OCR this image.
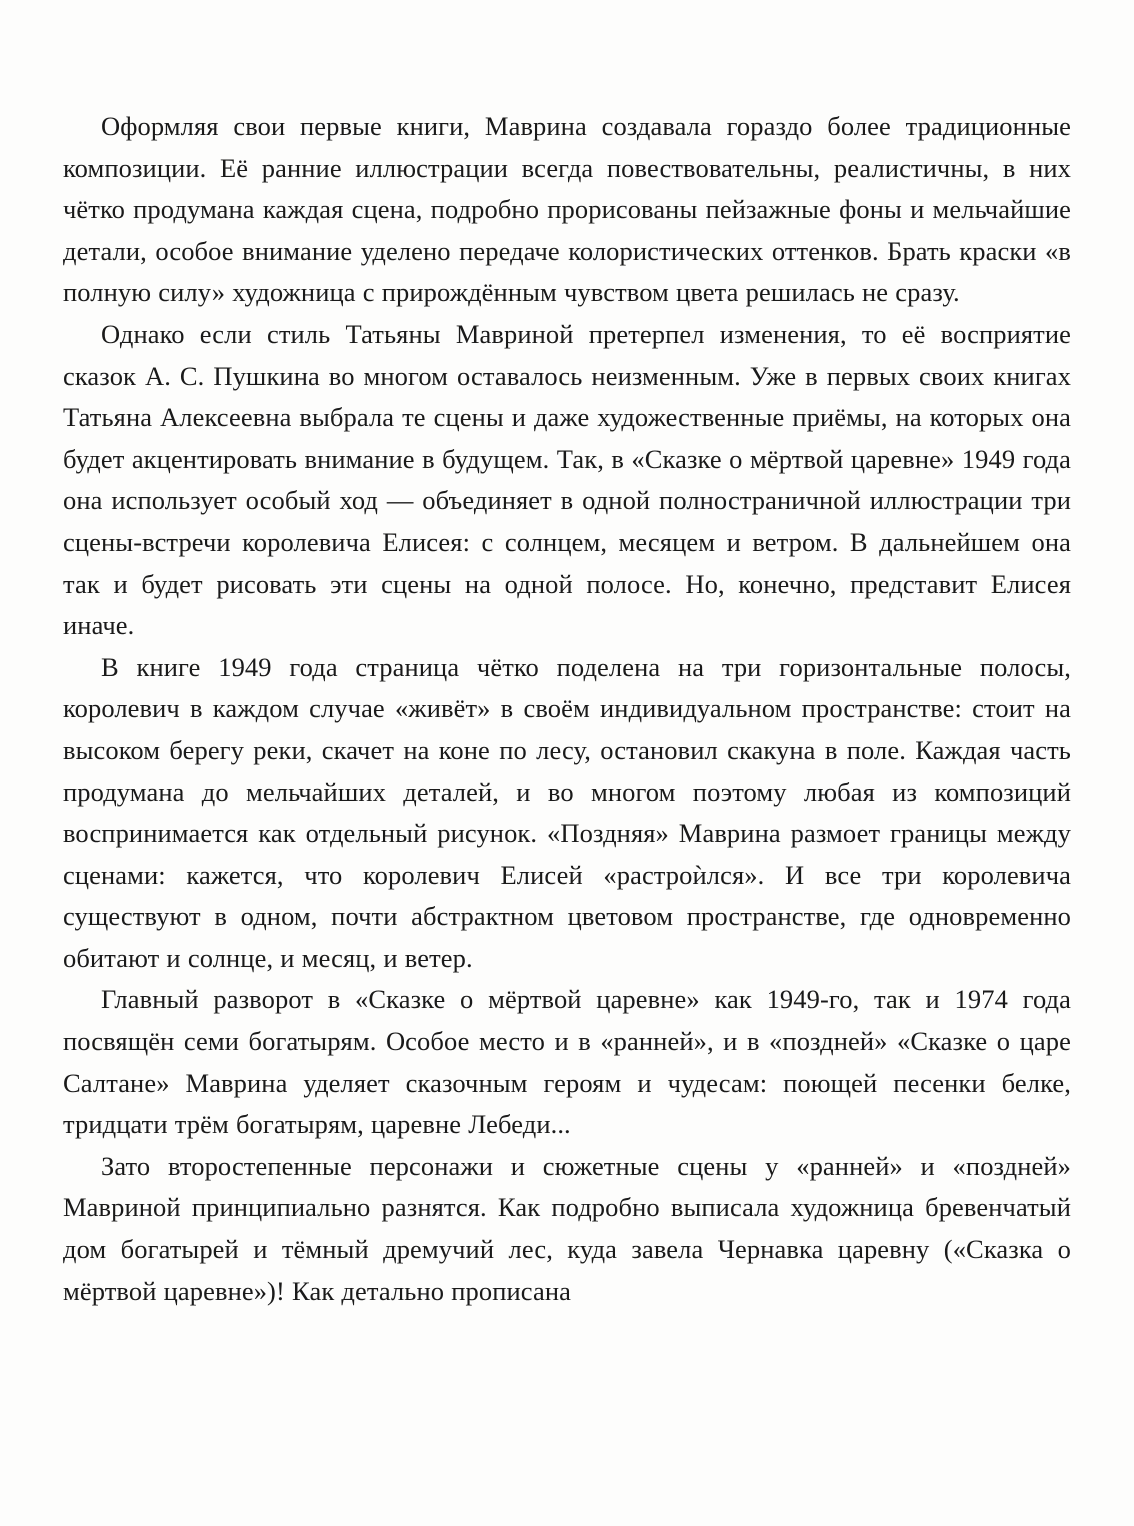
Оформляя свои первые книги, Маврина создавала гораздо более традиционные композиции. Её ранние иллюстрации всегда повествовательны, реалистичны, в них чётко продумана каждая сцена, подробно прорисованы пейзажные фоны и мельчайшие детали, особое внимание уделено передаче колористических оттенков. Брать краски «в полную силу» художница с прирождённым чувством цвета решилась не сразу.

Однако если стиль Татьяны Мавриной претерпел изменения, то её восприятие сказок А. С. Пушкина во многом оставалось неизменным. Уже в первых своих книгах Татьяна Алексеевна выбрала те сцены и даже художественные приёмы, на которых она будет акцентировать внимание в будущем. Так, в «Сказке о мёртвой царевне» 1949 года она использует особый ход — объединяет в одной полностраничной иллюстрации три сцены-встречи королевича Елисея: с солнцем, месяцем и ветром. В дальнейшем она так и будет рисовать эти сцены на одной полосе. Но, конечно, представит Елисея иначе.

В книге 1949 года страница чётко поделена на три горизонтальные полосы, королевич в каждом случае «живёт» в своём индивидуальном пространстве: стоит на высоком берегу реки, скачет на коне по лесу, остановил скакуна в поле. Каждая часть продумана до мельчайших деталей, и во многом поэтому любая из композиций воспринимается как отдельный рисунок. «Поздняя» Маврина размоет границы между сценами: кажется, что королевич Елисей «растроѝлся». И все три королевича существуют в одном, почти абстрактном цветовом пространстве, где одновременно обитают и солнце, и месяц, и ветер.

Главный разворот в «Сказке о мёртвой царевне» как 1949-го, так и 1974 года посвящён семи богатырям. Особое место и в «ранней», и в «поздней» «Сказке о царе Салтане» Маврина уделяет сказочным героям и чудесам: поющей песенки белке, тридцати трём богатырям, царевне Лебеди...

Зато второстепенные персонажи и сюжетные сцены у «ранней» и «поздней» Мавриной принципиально разнятся. Как подробно выписала художница бревенчатый дом богатырей и тёмный дремучий лес, куда завела Чернавка царевну («Сказка о мёртвой царевне»)! Как детально прописана
